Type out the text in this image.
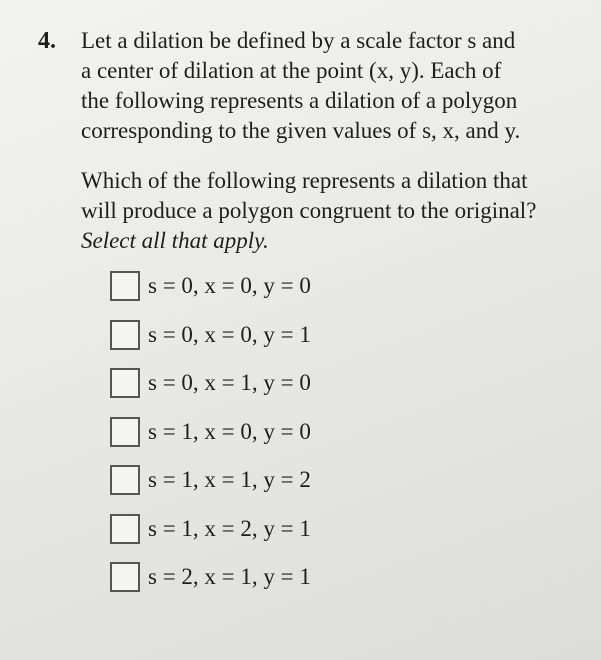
4. Let a dilation be defined by a scale factor s and

a center of dilation at the point (x, y). Each of

the following represents a dilation of a polygon

corresponding to the given values of s, x, and y.

Which of the following represents a dilation that

will produce a polygon congruent to the original?

Select all that apply.

s = 0, x = 0, y = 0
s = 0, x = 0, y = 1
s = 0, x = 1, y = 0
s = 1, x = 0, y = 0
s = 1, x = 1, y = 2
s = 1, x = 2, y = 1
s = 2, x = 1, y = 1
